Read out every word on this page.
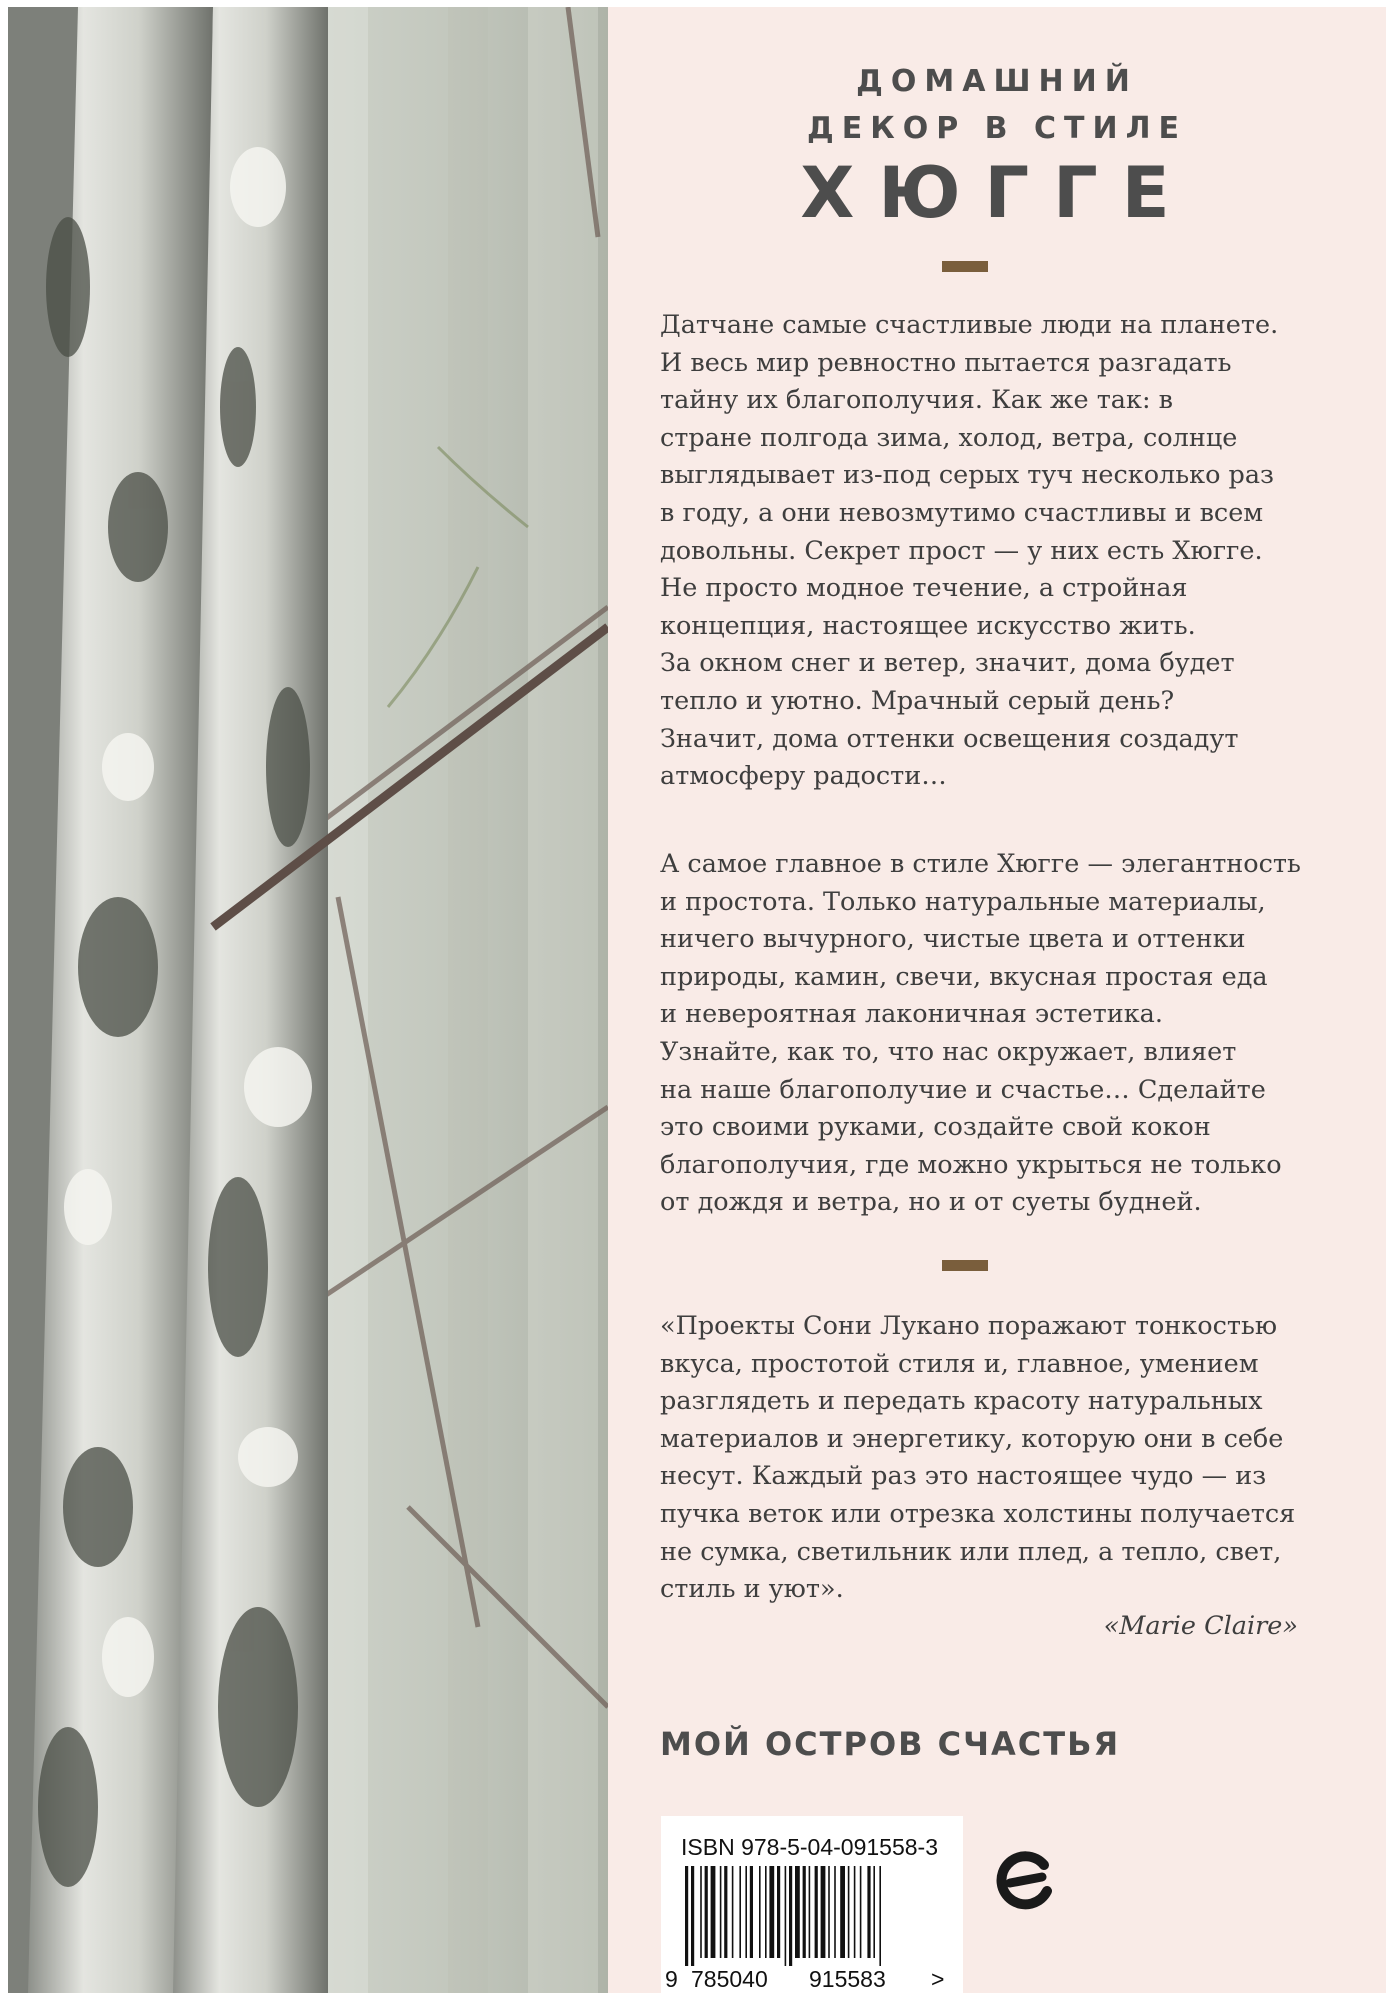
ДОМАШНИЙ
ДЕКОР В СТИЛЕ
ХЮГГЕ
Датчане самые счастливые люди на планете.
И весь мир ревностно пытается разгадать
тайну их благополучия. Как же так: в
стране полгода зима, холод, ветра, солнце
выглядывает из-под серых туч несколько раз
в году, а они невозмутимо счастливы и всем
довольны. Секрет прост — у них есть Хюгге.
Не просто модное течение, а стройная
концепция, настоящее искусство жить.
За окном снег и ветер, значит, дома будет
тепло и уютно. Мрачный серый день?
Значит, дома оттенки освещения создадут
атмосферу радости…
А самое главное в стиле Хюгге — элегантность
и простота. Только натуральные материалы,
ничего вычурного, чистые цвета и оттенки
природы, камин, свечи, вкусная простая еда
и невероятная лаконичная эстетика.
Узнайте, как то, что нас окружает, влияет
на наше благополучие и счастье… Сделайте
это своими руками, создайте свой кокон
благополучия, где можно укрыться не только
от дождя и ветра, но и от суеты будней.
«Проекты Сони Лукано поражают тонкостью
вкуса, простотой стиля и, главное, умением
разглядеть и передать красоту натуральных
материалов и энергетику, которую они в себе
несут. Каждый раз это настоящее чудо — из
пучка веток или отрезка холстины получается
не сумка, светильник или плед, а тепло, свет,
стиль и уют».
«Marie Claire»
МОЙ ОСТРОВ СЧАСТЬЯ
ISBN 978-5-04-091558-3
9 785040 915583 >
